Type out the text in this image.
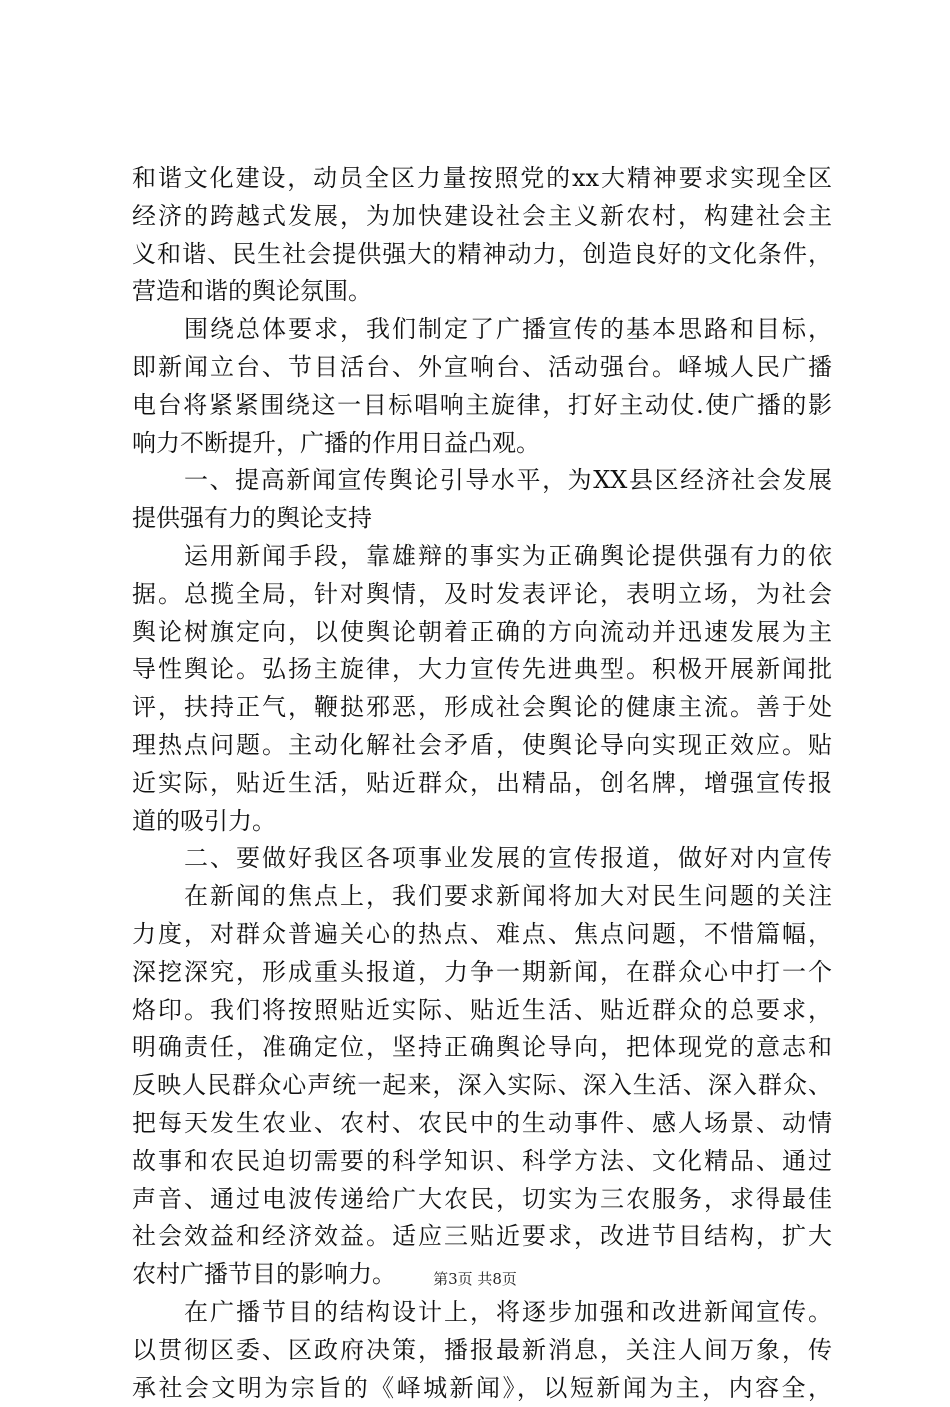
和谐文化建设，动员全区力量按照党的xx大精神要求实现全区
经济的跨越式发展，为加快建设社会主义新农村，构建社会主
义和谐、民生社会提供强大的精神动力，创造良好的文化条件，
营造和谐的舆论氛围。
围绕总体要求，我们制定了广播宣传的基本思路和目标，
即新闻立台、节目活台、外宣响台、活动强台。峄城人民广播
电台将紧紧围绕这一目标唱响主旋律，打好主动仗.使广播的影
响力不断提升，广播的作用日益凸观。
一、提高新闻宣传舆论引导水平，为XX县区经济社会发展
提供强有力的舆论支持
运用新闻手段，靠雄辩的事实为正确舆论提供强有力的依
据。总揽全局，针对舆情，及时发表评论，表明立场，为社会
舆论树旗定向，以使舆论朝着正确的方向流动并迅速发展为主
导性舆论。弘扬主旋律，大力宣传先进典型。积极开展新闻批
评，扶持正气，鞭挞邪恶，形成社会舆论的健康主流。善于处
理热点问题。主动化解社会矛盾，使舆论导向实现正效应。贴
近实际，贴近生活，贴近群众，出精品，创名牌，增强宣传报
道的吸引力。
二、要做好我区各项事业发展的宣传报道，做好对内宣传
在新闻的焦点上，我们要求新闻将加大对民生问题的关注
力度，对群众普遍关心的热点、难点、焦点问题，不惜篇幅，
深挖深究，形成重头报道，力争一期新闻，在群众心中打一个
烙印。我们将按照贴近实际、贴近生活、贴近群众的总要求，
明确责任，准确定位，坚持正确舆论导向，把体现党的意志和
反映人民群众心声统一起来，深入实际、深入生活、深入群众、
把每天发生农业、农村、农民中的生动事件、感人场景、动情
故事和农民迫切需要的科学知识、科学方法、文化精品、通过
声音、通过电波传递给广大农民，切实为三农服务，求得最佳
社会效益和经济效益。适应三贴近要求，改进节目结构，扩大
农村广播节目的影响力。
在广播节目的结构设计上，将逐步加强和改进新闻宣传。
以贯彻区委、区政府决策，播报最新消息，关注人间万象，传
承社会文明为宗旨的《峄城新闻》，以短新闻为主，内容全，
第3页 共8页
